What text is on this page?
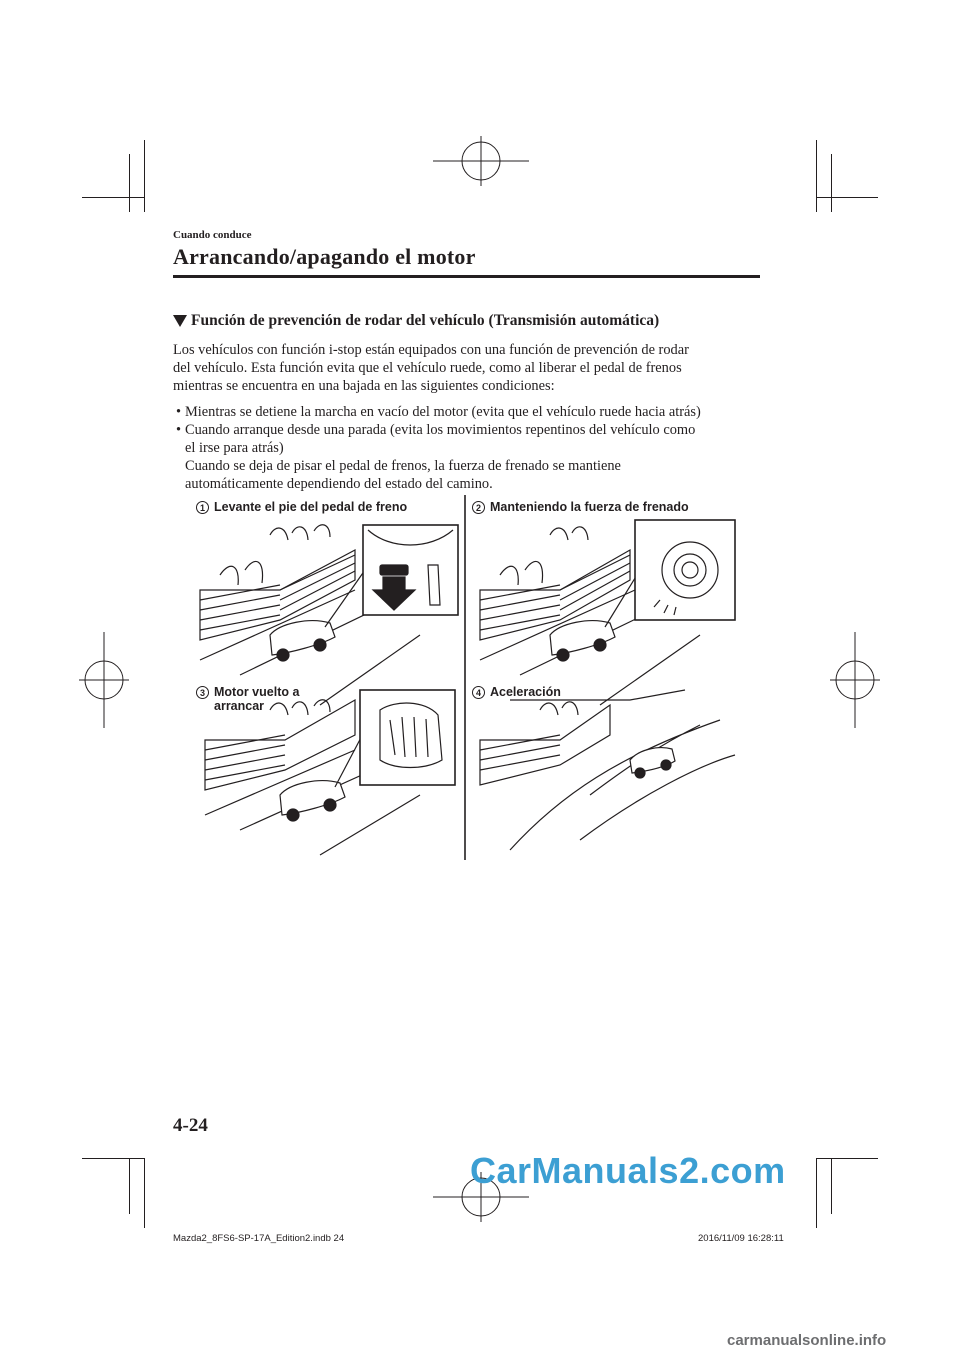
Cuando conduce
Arrancando/apagando el motor
Función de prevención de rodar del vehículo (Transmisión automática)
Los vehículos con función i-stop están equipados con una función de prevención de rodar
del vehículo. Esta función evita que el vehículo ruede, como al liberar el pedal de frenos
mientras se encuentra en una bajada en las siguientes condiciones:
• Mientras se detiene la marcha en vacío del motor (evita que el vehículo ruede hacia atrás)
• Cuando arranque desde una parada (evita los movimientos repentinos del vehículo como
el irse para atrás)
Cuando se deja de pisar el pedal de frenos, la fuerza de frenado se mantiene
automáticamente dependiendo del estado del camino.
1 Levante el pie del pedal de freno	2 Manteniendo la fuerza de frenado
3 Motor vuelto a
arrancar
4 Aceleración
4-24
Mazda2_8FS6-SP-17A_Edition2.indb 24	2016/11/09 16:28:11
CarManuals2.com
carmanualsonline.info
